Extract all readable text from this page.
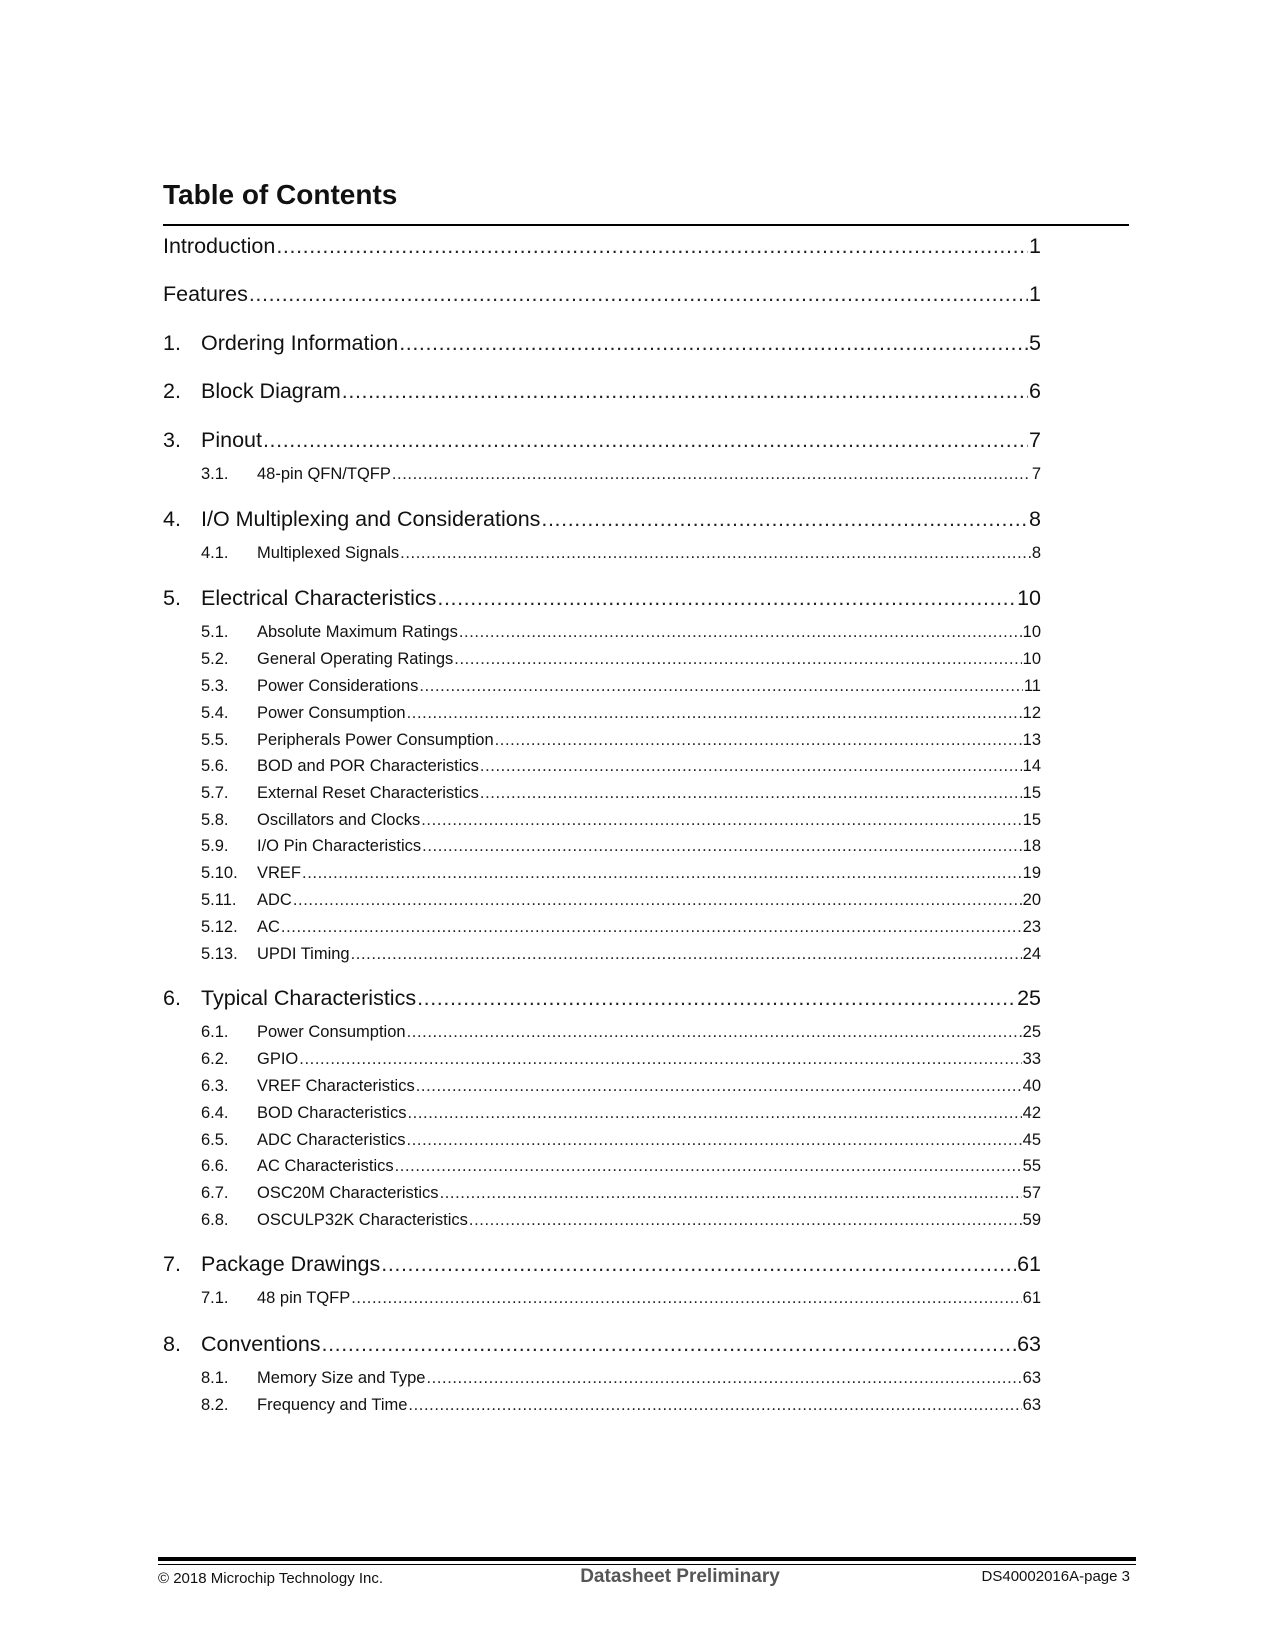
Table of Contents
Introduction .....	1
Features .....	1
1. Ordering Information .....	5
2. Block Diagram .....	6
3. Pinout .....	7
3.1.	48-pin QFN/TQFP .....	7
4. I/O Multiplexing and Considerations .....	8
4.1.	Multiplexed Signals .....	8
5. Electrical Characteristics .....	10
5.1.	Absolute Maximum Ratings .....	10
5.2.	General Operating Ratings .....	10
5.3.	Power Considerations .....	11
5.4.	Power Consumption .....	12
5.5.	Peripherals Power Consumption .....	13
5.6.	BOD and POR Characteristics .....	14
5.7.	External Reset Characteristics .....	15
5.8.	Oscillators and Clocks .....	15
5.9.	I/O Pin Characteristics .....	18
5.10.	VREF .....	19
5.11.	ADC .....	20
5.12.	AC .....	23
5.13.	UPDI Timing .....	24
6. Typical Characteristics .....	25
6.1.	Power Consumption .....	25
6.2.	GPIO .....	33
6.3.	VREF Characteristics .....	40
6.4.	BOD Characteristics .....	42
6.5.	ADC Characteristics .....	45
6.6.	AC Characteristics .....	55
6.7.	OSC20M Characteristics .....	57
6.8.	OSCULP32K Characteristics .....	59
7. Package Drawings .....	61
7.1.	48 pin TQFP .....	61
8. Conventions .....	63
8.1.	Memory Size and Type .....	63
8.2.	Frequency and Time .....	63
© 2018 Microchip Technology Inc.	Datasheet Preliminary	DS40002016A-page 3
